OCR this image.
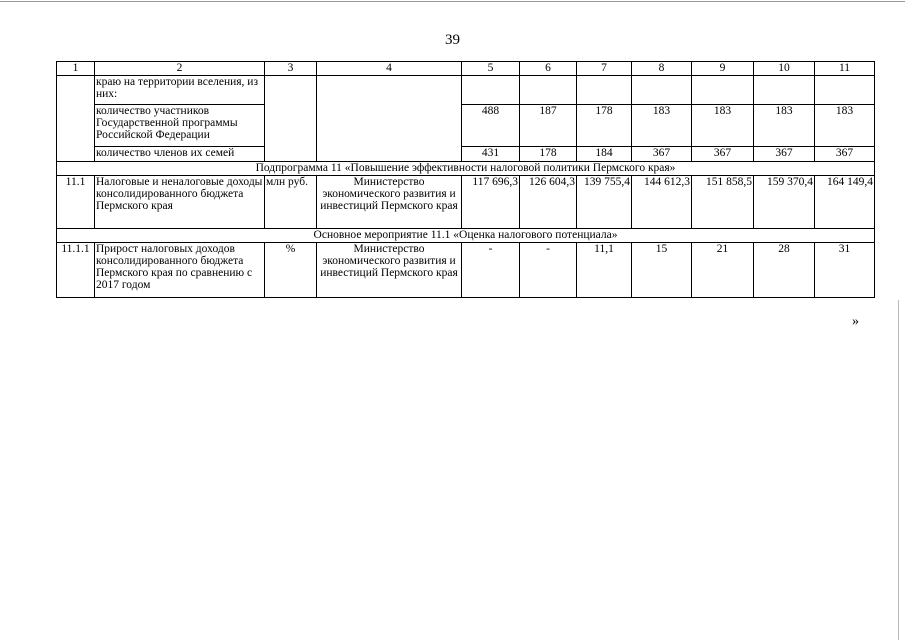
39
1	2	3	4	5	6	7	8	9	10	11
	краю на территории вселения, из них:									
	количество участников Государственной программы Российской Федерации			488	187	178	183	183	183	183
	количество членов их семей			431	178	184	367	367	367	367
Подпрограмма 11 «Повышение эффективности налоговой политики Пермского края»										
11.1	Налоговые и неналоговые доходы консолидированного бюджета Пермского края	млн руб.	Министерство экономического развития и инвестиций Пермского края	117 696,3	126 604,3	139 755,4	144 612,3	151 858,5	159 370,4	164 149,4
Основное мероприятие 11.1 «Оценка налогового потенциала»										
11.1.1	Прирост налоговых доходов консолидированного бюджета Пермского края по сравнению с 2017 годом	%	Министерство экономического развития и инвестиций Пермского края	-	-	11,1	15	21	28	31
»
